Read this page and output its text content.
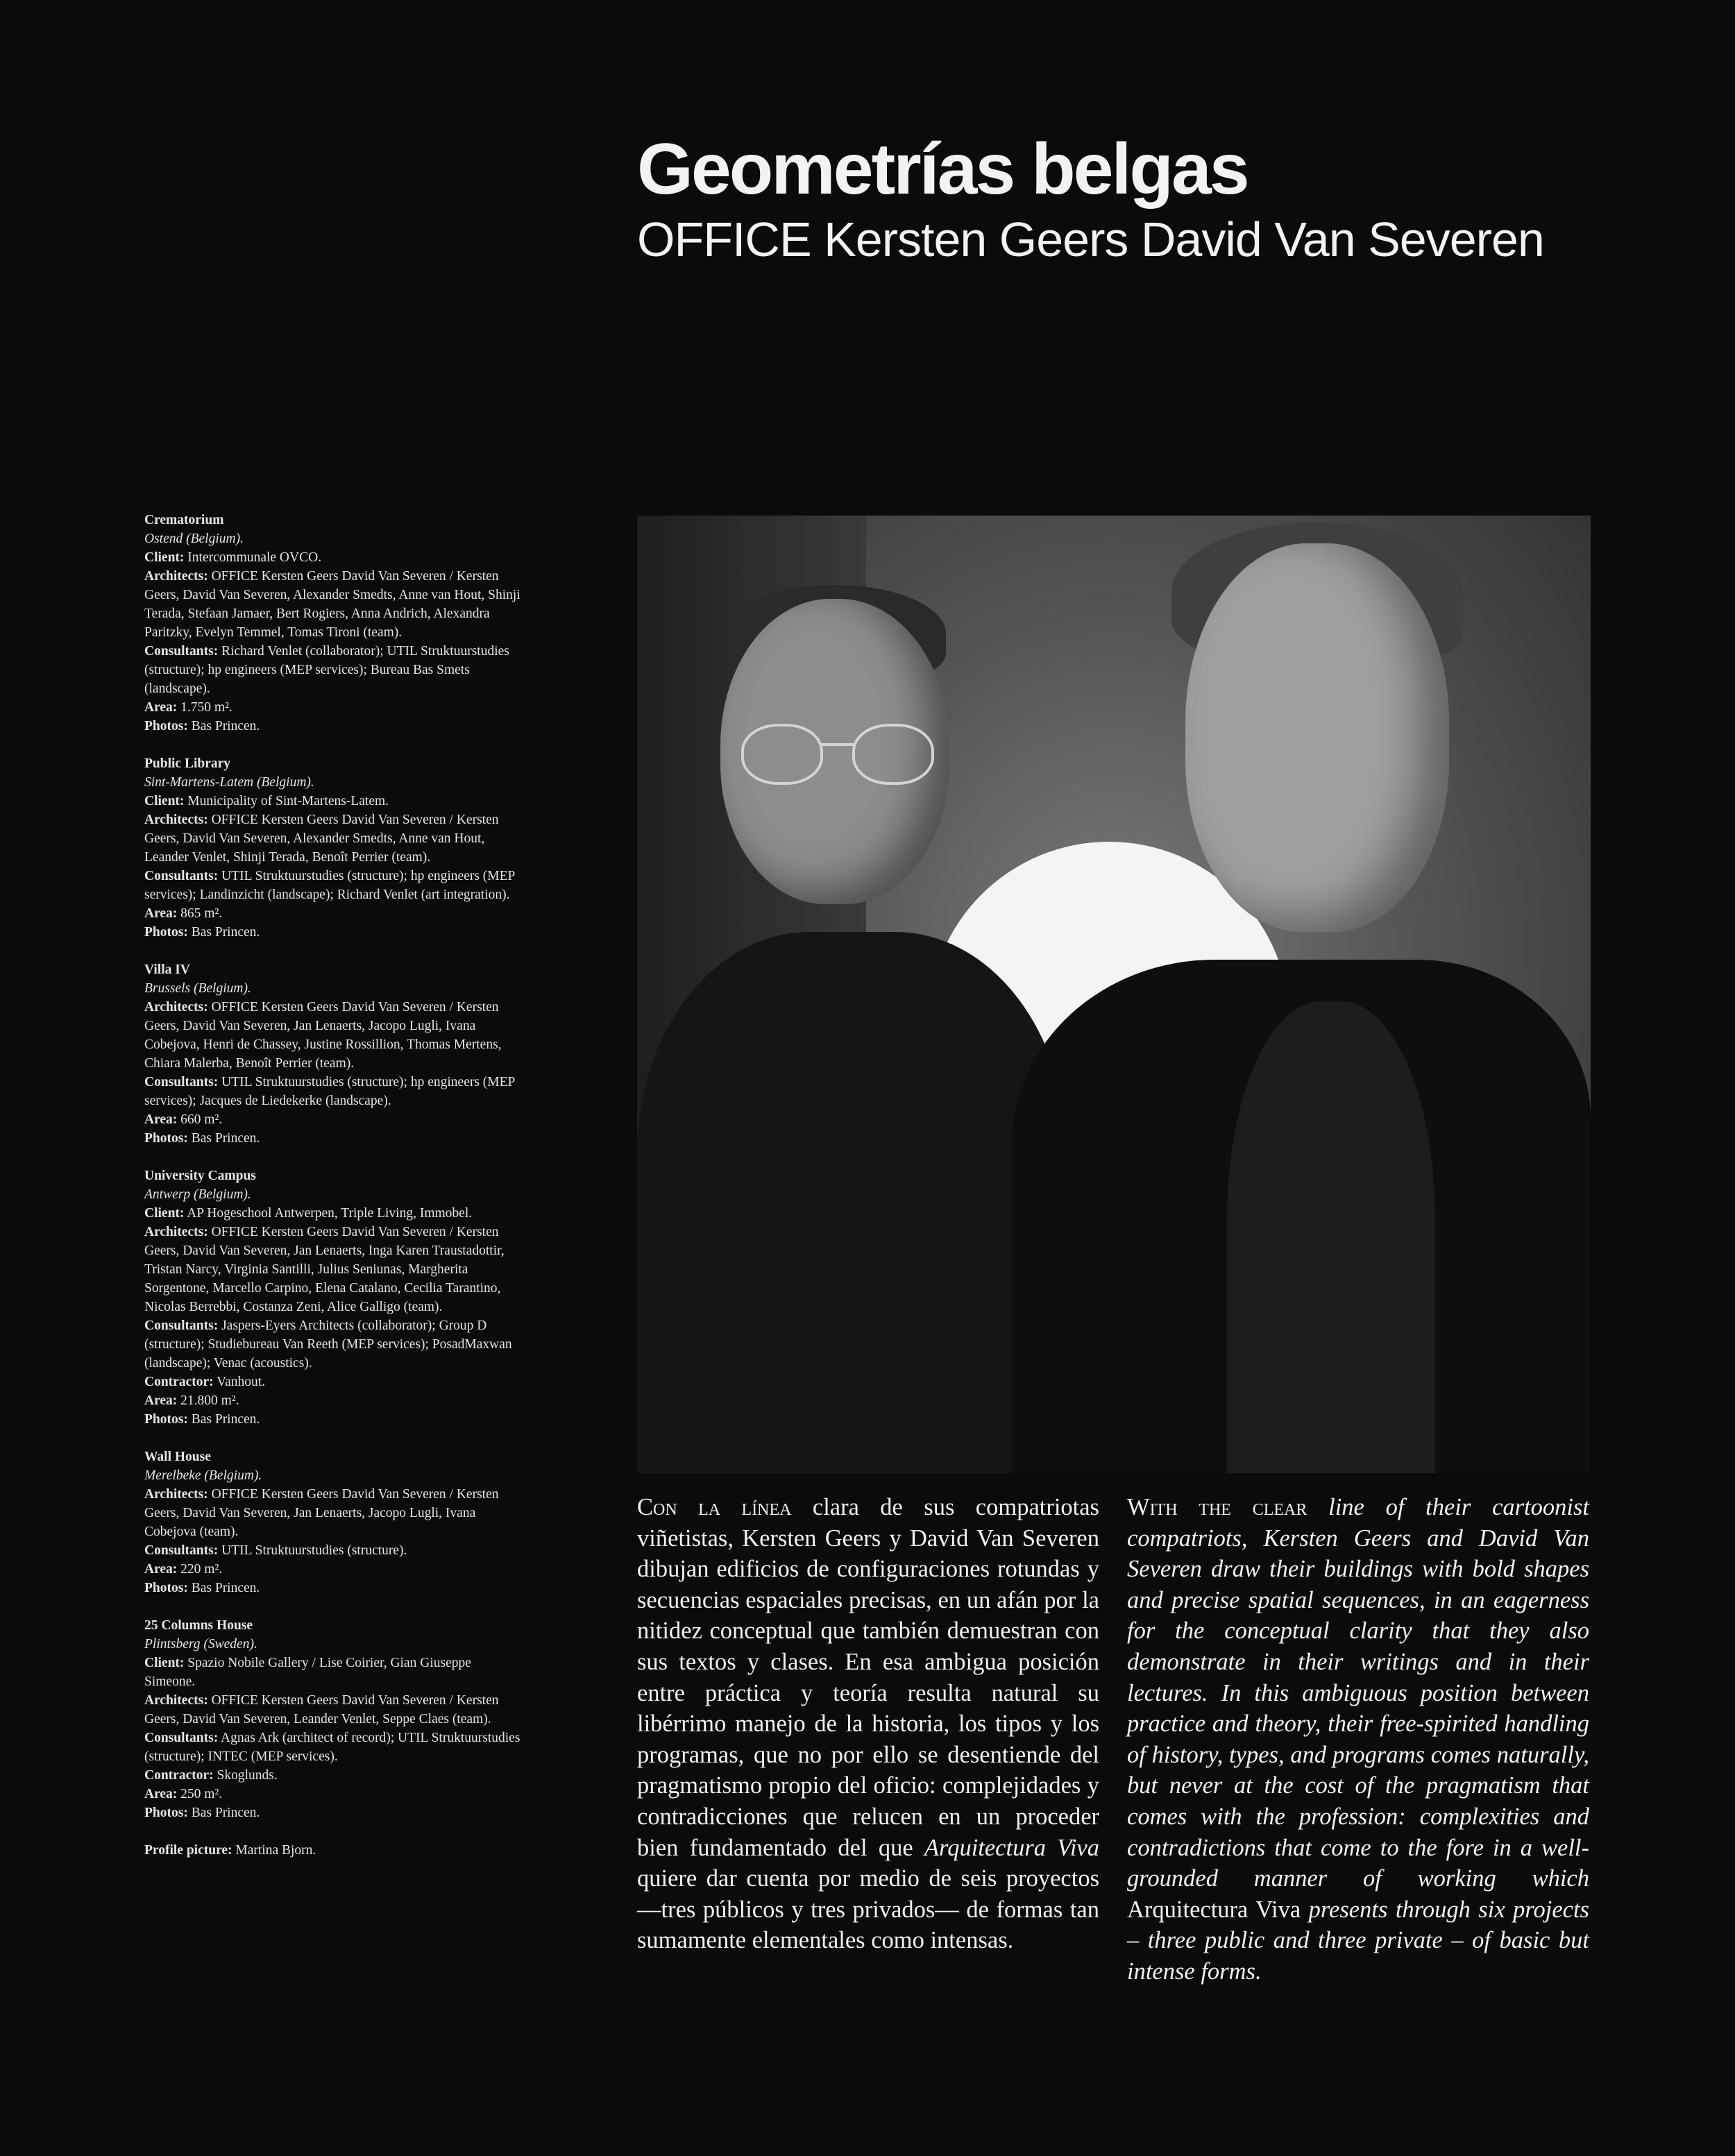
Geometrías belgas
OFFICE Kersten Geers David Van Severen
Crematorium
Ostend (Belgium).
Client: Intercommunale OVCO.
Architects: OFFICE Kersten Geers David Van Severen / Kersten Geers, David Van Severen, Alexander Smedts, Anne van Hout, Shinji Terada, Stefaan Jamaer, Bert Rogiers, Anna Andrich, Alexandra Paritzky, Evelyn Temmel, Tomas Tironi (team).
Consultants: Richard Venlet (collaborator); UTIL Struktuurstudies (structure); hp engineers (MEP services); Bureau Bas Smets (landscape).
Area: 1.750 m².
Photos: Bas Princen.
Public Library
Sint-Martens-Latem (Belgium).
Client: Municipality of Sint-Martens-Latem.
Architects: OFFICE Kersten Geers David Van Severen / Kersten Geers, David Van Severen, Alexander Smedts, Anne van Hout, Leander Venlet, Shinji Terada, Benoît Perrier (team).
Consultants: UTIL Struktuurstudies (structure); hp engineers (MEP services); Landinzicht (landscape); Richard Venlet (art integration).
Area: 865 m².
Photos: Bas Princen.
Villa IV
Brussels (Belgium).
Architects: OFFICE Kersten Geers David Van Severen / Kersten Geers, David Van Severen, Jan Lenaerts, Jacopo Lugli, Ivana Cobejova, Henri de Chassey, Justine Rossillion, Thomas Mertens, Chiara Malerba, Benoît Perrier (team).
Consultants: UTIL Struktuurstudies (structure); hp engineers (MEP services); Jacques de Liedekerke (landscape).
Area: 660 m².
Photos: Bas Princen.
University Campus
Antwerp (Belgium).
Client: AP Hogeschool Antwerpen, Triple Living, Immobel.
Architects: OFFICE Kersten Geers David Van Severen / Kersten Geers, David Van Severen, Jan Lenaerts, Inga Karen Traustadottir, Tristan Narcy, Virginia Santilli, Julius Seniunas, Margherita Sorgentone, Marcello Carpino, Elena Catalano, Cecilia Tarantino, Nicolas Berrebbi, Costanza Zeni, Alice Galligo (team).
Consultants: Jaspers-Eyers Architects (collaborator); Group D (structure); Studiebureau Van Reeth (MEP services); PosadMaxwan (landscape); Venac (acoustics).
Contractor: Vanhout.
Area: 21.800 m².
Photos: Bas Princen.
Wall House
Merelbeke (Belgium).
Architects: OFFICE Kersten Geers David Van Severen / Kersten Geers, David Van Severen, Jan Lenaerts, Jacopo Lugli, Ivana Cobejova (team).
Consultants: UTIL Struktuurstudies (structure).
Area: 220 m².
Photos: Bas Princen.
25 Columns House
Plintsberg (Sweden).
Client: Spazio Nobile Gallery / Lise Coirier, Gian Giuseppe Simeone.
Architects: OFFICE Kersten Geers David Van Severen / Kersten Geers, David Van Severen, Leander Venlet, Seppe Claes (team).
Consultants: Agnas Ark (architect of record); UTIL Struktuurstudies (structure); INTEC (MEP services).
Contractor: Skoglunds.
Area: 250 m².
Photos: Bas Princen.
Profile picture: Martina Bjorn.

Con la línea clara de sus compatriotas viñetistas, Kersten Geers y David Van Severen dibujan edificios de configuraciones rotundas y secuencias espaciales precisas, en un afán por la nitidez conceptual que también demuestran con sus textos y clases. En esa ambigua posición entre práctica y teoría resulta natural su libérrimo manejo de la historia, los tipos y los programas, que no por ello se desentiende del pragmatismo propio del oficio: complejidades y contradicciones que relucen en un proceder bien fundamentado del que Arquitectura Viva quiere dar cuenta por medio de seis proyectos —tres públicos y tres privados— de formas tan sumamente elementales como intensas.

With the clear line of their cartoonist compatriots, Kersten Geers and David Van Severen draw their buildings with bold shapes and precise spatial sequences, in an eagerness for the conceptual clarity that they also demonstrate in their writings and in their lectures. In this ambiguous position between practice and theory, their free-spirited handling of history, types, and programs comes naturally, but never at the cost of the pragmatism that comes with the profession: complexities and contradictions that come to the fore in a well-grounded manner of working which Arquitectura Viva presents through six projects – three public and three private – of basic but intense forms.
